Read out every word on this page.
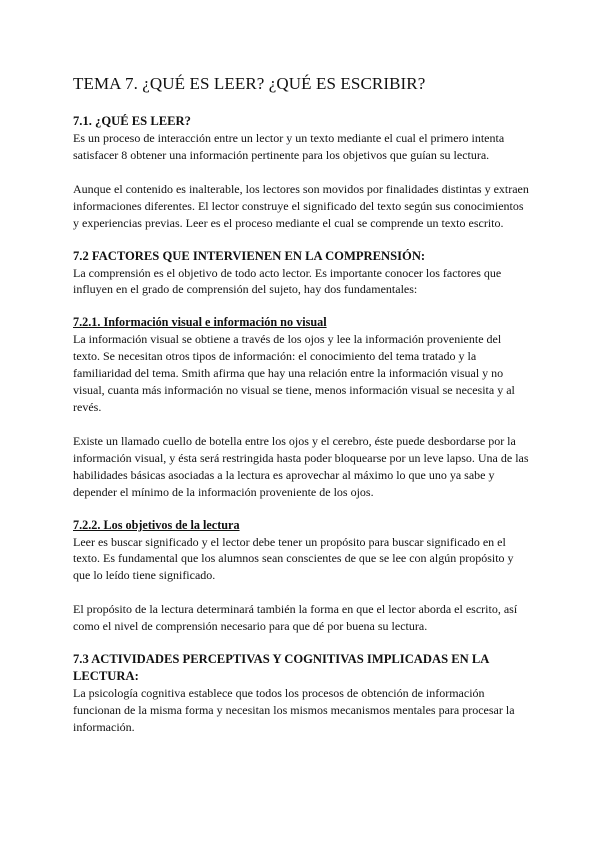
TEMA 7. ¿QUÉ ES LEER? ¿QUÉ ES ESCRIBIR?
7.1. ¿QUÉ ES LEER?

Es un proceso de interacción entre un lector y un texto mediante el cual el primero intenta satisfacer 8 obtener una información pertinente para los objetivos que guían su lectura.

Aunque el contenido es inalterable, los lectores son movidos por finalidades distintas y extraen informaciones diferentes. El lector construye el significado del texto según sus conocimientos y experiencias previas. Leer es el proceso mediante el cual se comprende un texto escrito.

7.2 FACTORES QUE INTERVIENEN EN LA COMPRENSIÓN:

La comprensión es el objetivo de todo acto lector. Es importante conocer los factores que influyen en el grado de comprensión del sujeto, hay dos fundamentales:

7.2.1. Información visual e información no visual

La información visual se obtiene a través de los ojos y lee la información proveniente del texto. Se necesitan otros tipos de información: el conocimiento del tema tratado y la familiaridad del tema. Smith afirma que hay una relación entre la información visual y no visual, cuanta más información no visual se tiene, menos información visual se necesita y al revés.

Existe un llamado cuello de botella entre los ojos y el cerebro, éste puede desbordarse por la información visual, y ésta será restringida hasta poder bloquearse por un leve lapso. Una de las habilidades básicas asociadas a la lectura es aprovechar al máximo lo que uno ya sabe y depender el mínimo de la información proveniente de los ojos.

7.2.2. Los objetivos de la lectura

Leer es buscar significado y el lector debe tener un propósito para buscar significado en el texto. Es fundamental que los alumnos sean conscientes de que se lee con algún propósito y que lo leído tiene significado.

El propósito de la lectura determinará también la forma en que el lector aborda el escrito, así como el nivel de comprensión necesario para que dé por buena su lectura.

7.3 ACTIVIDADES PERCEPTIVAS Y COGNITIVAS IMPLICADAS EN LA LECTURA:

La psicología cognitiva establece que todos los procesos de obtención de información funcionan de la misma forma y necesitan los mismos mecanismos mentales para procesar la información.
